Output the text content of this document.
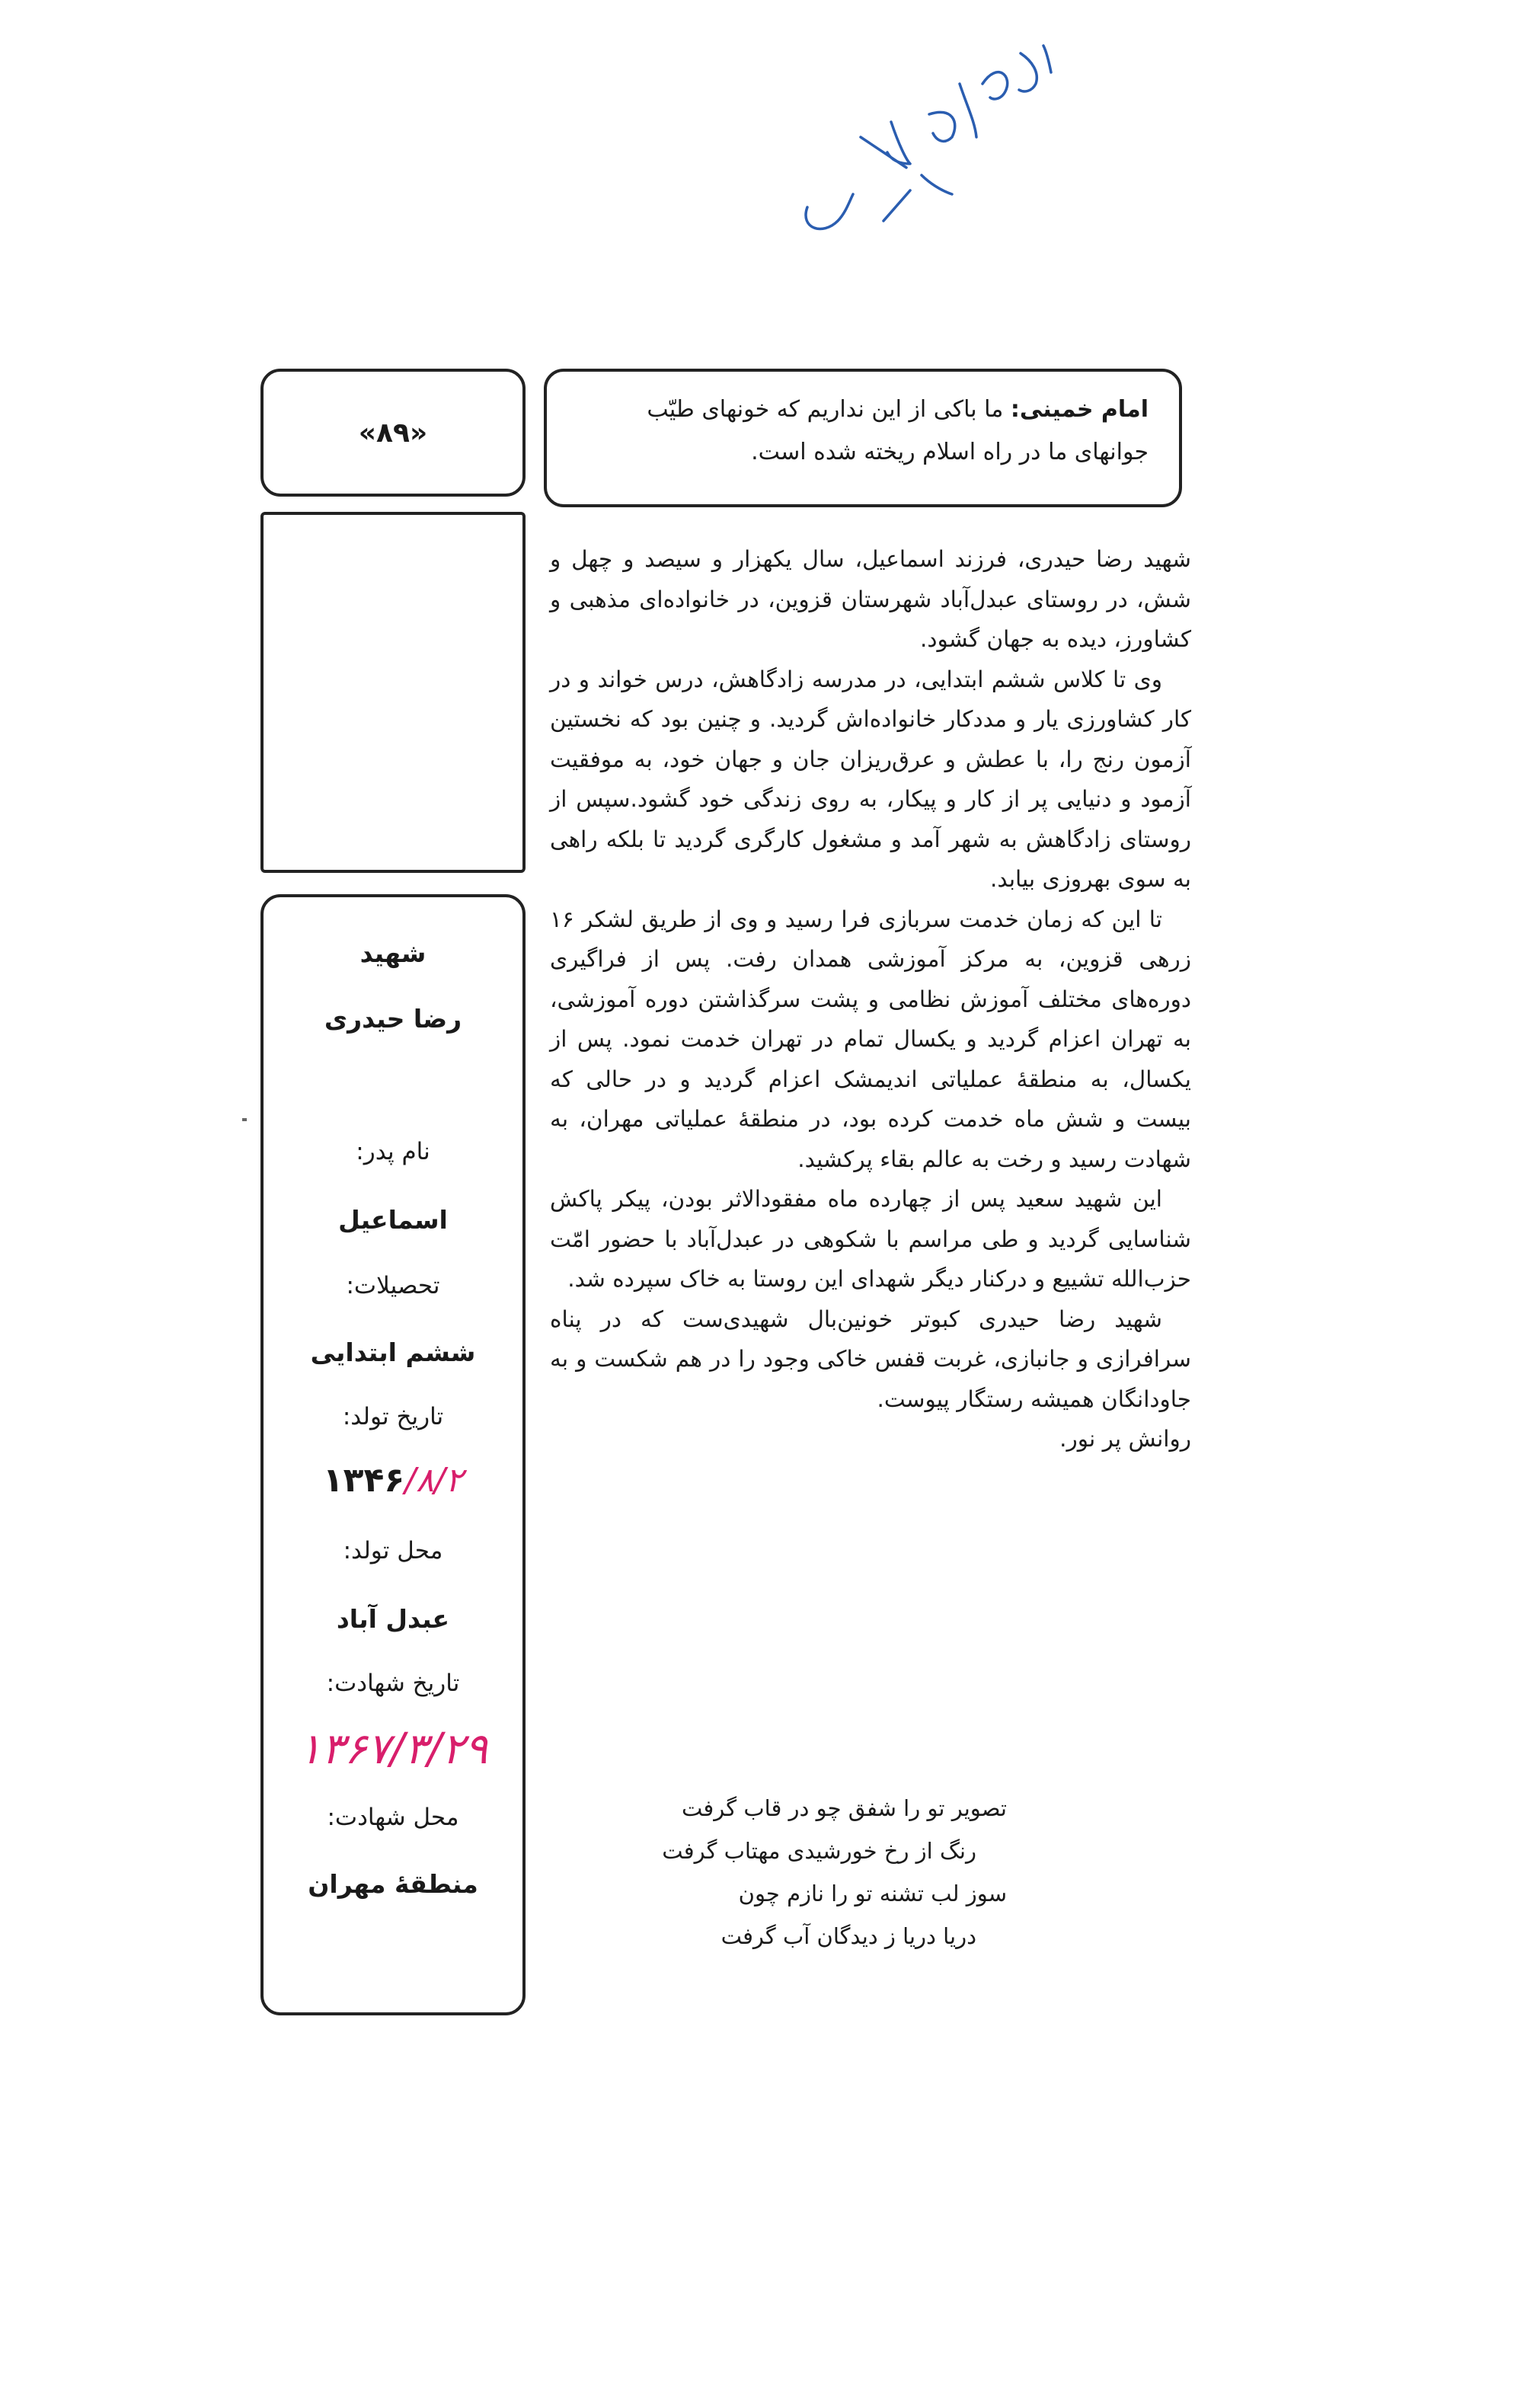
امام خمینی: ما باکی از این نداریم که خونهای طیّب

جوانهای ما در راه اسلام ریخته شده است.

«۸۹»
شهید
رضا حیدری
نام پدر:
اسماعیل
تحصیلات:
ششم ابتدایی
تاریخ تولد:
۱۳۴۶/۸/۲
محل تولد:
عبدل آباد
تاریخ شهادت:
۱۳۶۷/۳/۲۹
محل شهادت:
منطقهٔ مهران

شهید رضا حیدری، فرزند اسماعیل، سال یکهزار و سیصد و چهل و شش، در روستای عبدل‌آباد شهرستان قزوین، در خانواده‌ای مذهبی و کشاورز، دیده به جهان گشود.

وی تا کلاس ششم ابتدایی، در مدرسه زادگاهش، درس خواند و در کار کشاورزی یار و مددکار خانواده‌اش گردید. و چنین بود که نخستین آزمون رنج را، با عطش و عرق‌ریزان جان و جهان خود، به موفقیت آزمود و دنیایی پر از کار و پیکار، به روی زندگی خود گشود.سپس از روستای زادگاهش به شهر آمد و مشغول کارگری گردید تا بلکه راهی به سوی بهروزی بیابد.

تا این که زمان خدمت سربازی فرا رسید و وی از طریق لشکر ۱۶ زرهی قزوین، به مرکز آموزشی همدان رفت. پس از فراگیری دوره‌های مختلف آموزش نظامی و پشت سرگذاشتن دوره آموزشی، به تهران اعزام گردید و یکسال تمام در تهران خدمت نمود. پس از یکسال، به منطقهٔ عملیاتی اندیمشک اعزام گردید و در حالی که بیست و شش ماه خدمت کرده بود، در منطقهٔ عملیاتی مهران، به شهادت رسید و رخت به عالم بقاء پرکشید.

این شهید سعید پس از چهارده ماه مفقودالاثر بودن، پیکر پاکش شناسایی گردید و طی مراسم با شکوهی در عبدل‌آباد با حضور امّت حزب‌الله تشییع و درکنار دیگر شهدای این روستا به خاک سپرده شد.

شهید رضا حیدری کبوتر خونین‌بال شهیدی‌ست که در پناه سرافرازی و جانبازی، غربت قفس خاکی وجود را در هم شکست و به جاودانگان همیشه رستگار پیوست.

روانش پر نور.

تصویر تو را شفق چو در قاب گرفت
رنگ از رخ خورشیدی مهتاب گرفت
سوز لب تشنه تو را نازم چون
دریا دریا ز دیدگان آب گرفت
